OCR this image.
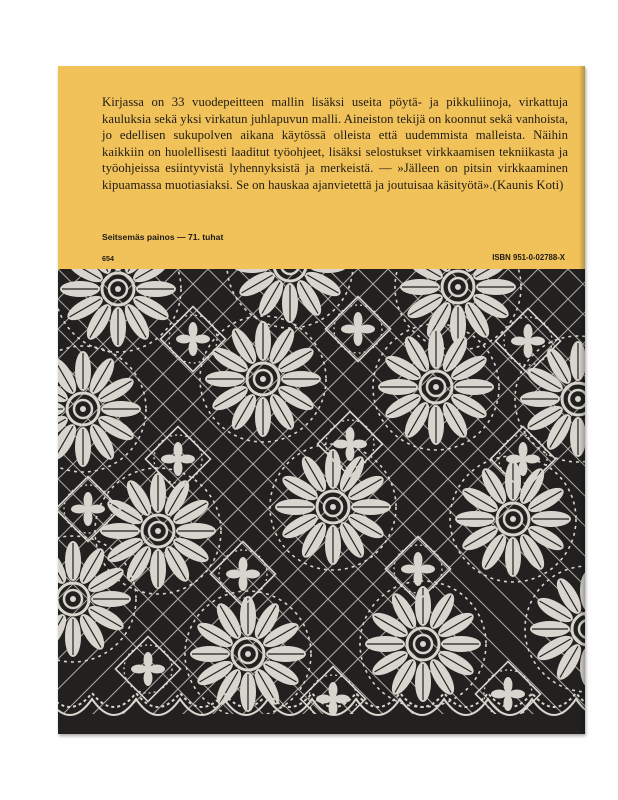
Kirjassa on 33 vuodepeitteen mallin lisäksi useita pöytä- ja pikkuliinoja, virkattuja kauluksia sekä yksi virkatun juhlapuvun malli. Aineiston tekijä on koonnut sekä vanhoista, jo edellisen sukupolven aikana käytössä olleista että uudemmista malleista. Näihin kaikkiin on huolellisesti laaditut työohjeet, lisäksi selostukset virkkaamisen tekniikasta ja työohjeissa esiintyvistä lyhennyksistä ja merkeistä. — »Jälleen on pitsin virkkaaminen kipuamassa muotiasiaksi. Se on hauskaa ajanvietettä ja joutuisaa käsityötä».(Kaunis Koti)

Seitsemäs painos — 71. tuhat
654	ISBN 951-0-02788-X
